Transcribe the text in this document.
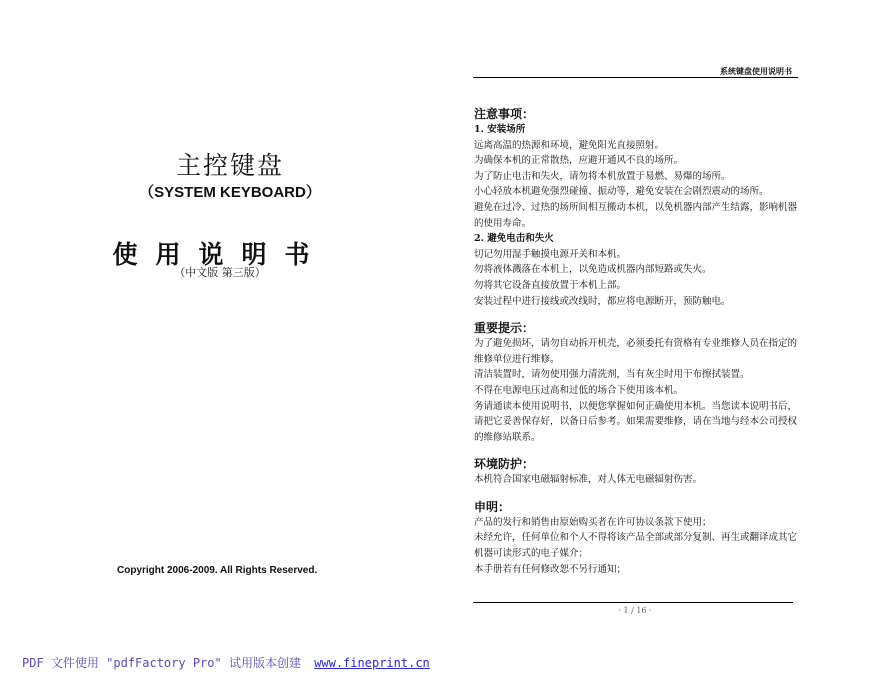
主控键盘
（SYSTEM KEYBOARD）
使用说明书
（中文版 第三版）
Copyright 2006-2009. All Rights Reserved.
系统键盘使用说明书

注意事项：

1. 安装场所

远离高温的热源和环境，避免阳光直接照射。

为确保本机的正常散热，应避开通风不良的场所。

为了防止电击和失火，请勿将本机放置于易燃、易爆的场所。

小心轻放本机避免强烈碰撞、振动等，避免安装在会剧烈震动的场所。

避免在过冷、过热的场所间相互搬动本机，以免机器内部产生结露，影响机器的使用寿命。

2. 避免电击和失火

切记勿用湿手触摸电源开关和本机。

勿将液体溅落在本机上，以免造成机器内部短路或失火。

勿将其它设备直接放置于本机上部。

安装过程中进行接线或改线时，都应将电源断开，预防触电。

重要提示：

为了避免损坏，请勿自动拆开机壳，必须委托有资格有专业维修人员在指定的维修单位进行维修。

清洁装置时，请勿使用强力清洗剂，当有灰尘时用干布擦拭装置。

不得在电源电压过高和过低的场合下使用该本机。

务请通读本使用说明书，以便您掌握如何正确使用本机。当您读本说明书后，请把它妥善保存好，以备日后参考。如果需要维修，请在当地与经本公司授权的维修站联系。

环境防护：

本机符合国家电磁辐射标准，对人体无电磁辐射伤害。

申明：

产品的发行和销售由原始购买者在许可协议条款下使用；

未经允许，任何单位和个人不得将该产品全部或部分复制、再生或翻译成其它机器可读形式的电子媒介；

本手册若有任何修改恕不另行通知；

· 1 / 16 ·
PDF 文件使用 "pdfFactory Pro" 试用版本创建 www.fineprint.cn
